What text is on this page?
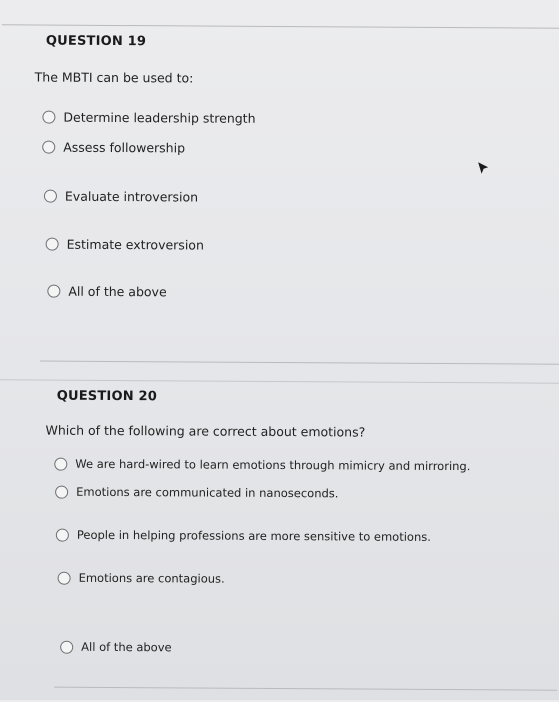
QUESTION 19
The MBTI can be used to:
Determine leadership strength
Assess followership
Evaluate introversion
Estimate extroversion
All of the above
QUESTION 20
Which of the following are correct about emotions?
We are hard-wired to learn emotions through mimicry and mirroring.
Emotions are communicated in nanoseconds.
People in helping professions are more sensitive to emotions.
Emotions are contagious.
All of the above
